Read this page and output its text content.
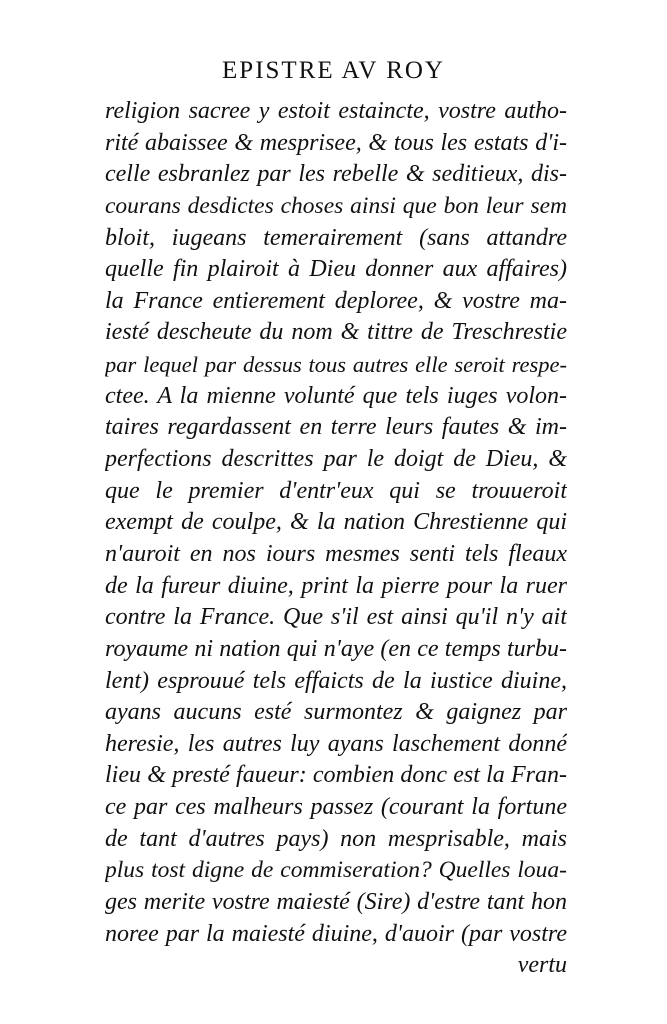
EPISTRE AV ROY
religion sacree y estoit estaincte, vostre autho-
rité abaissee & mesprisee, & tous les estats d'i-
celle esbranlez par les rebelle & seditieux, dis-
courans desdictes choses ainsi que bon leur sem
bloit, iugeans temerairement (sans attandre
quelle fin plairoit à Dieu donner aux affaires)
la France entierement deploree, & vostre ma-
iesté descheute du nom & tittre de Treschrestie
par lequel par dessus tous autres elle seroit respe-
ctee. A la mienne volunté que tels iuges volon-
taires regardassent en terre leurs fautes & im-
perfections descrittes par le doigt de Dieu, &
que le premier d'entr'eux qui se trouueroit
exempt de coulpe, & la nation Chrestienne qui
n'auroit en nos iours mesmes senti tels fleaux
de la fureur diuine, print la pierre pour la ruer
contre la France. Que s'il est ainsi qu'il n'y ait
royaume ni nation qui n'aye (en ce temps turbu-
lent) esprouué tels effaicts de la iustice diuine,
ayans aucuns esté surmontez & gaignez par
heresie, les autres luy ayans laschement donné
lieu & presté faueur: combien donc est la Fran-
ce par ces malheurs passez (courant la fortune
de tant d'autres pays) non mesprisable, mais
plus tost digne de commiseration? Quelles loua-
ges merite vostre maiesté (Sire) d'estre tant hon
noree par la maiesté diuine, d'auoir (par vostre
vertu
